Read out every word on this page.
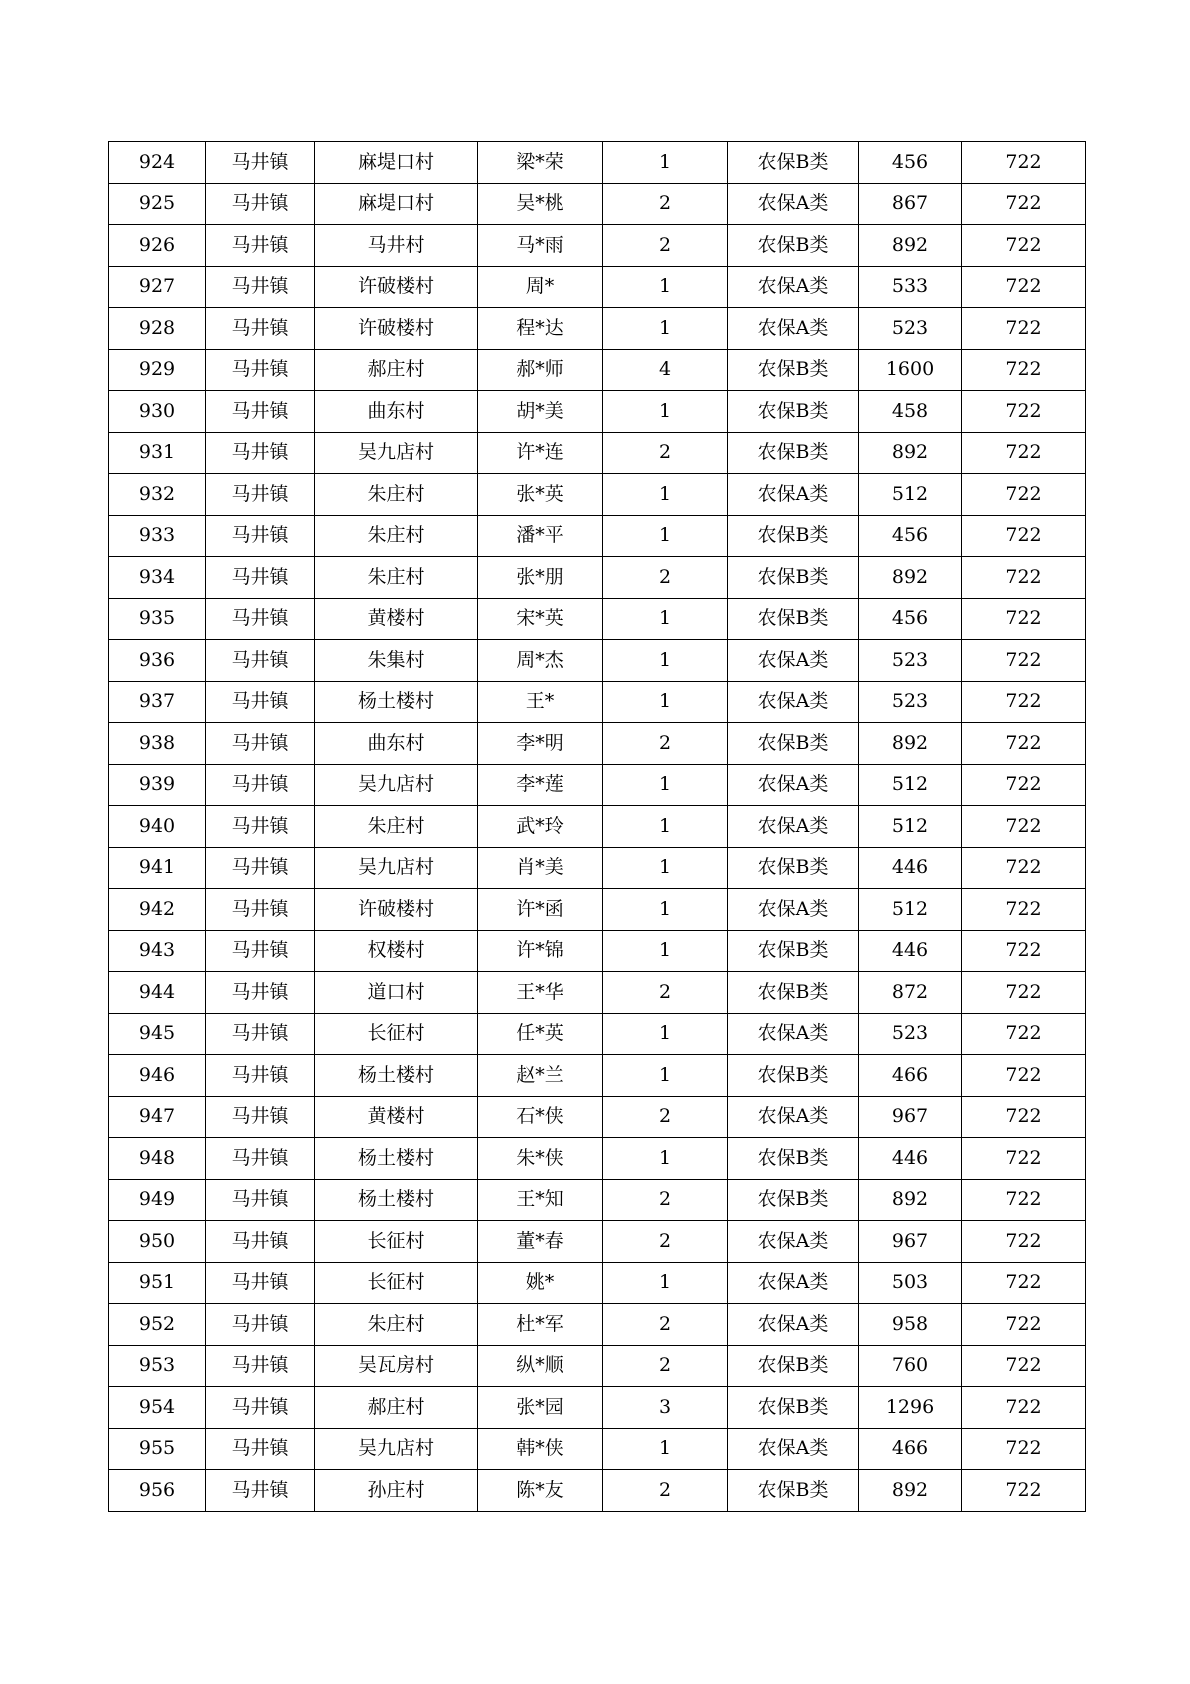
924	马井镇	麻堤口村	梁*荣	1	农保B类	456	722
925	马井镇	麻堤口村	吴*桃	2	农保A类	867	722
926	马井镇	马井村	马*雨	2	农保B类	892	722
927	马井镇	许破楼村	周*	1	农保A类	533	722
928	马井镇	许破楼村	程*达	1	农保A类	523	722
929	马井镇	郝庄村	郝*师	4	农保B类	1600	722
930	马井镇	曲东村	胡*美	1	农保B类	458	722
931	马井镇	吴九店村	许*连	2	农保B类	892	722
932	马井镇	朱庄村	张*英	1	农保A类	512	722
933	马井镇	朱庄村	潘*平	1	农保B类	456	722
934	马井镇	朱庄村	张*朋	2	农保B类	892	722
935	马井镇	黄楼村	宋*英	1	农保B类	456	722
936	马井镇	朱集村	周*杰	1	农保A类	523	722
937	马井镇	杨土楼村	王*	1	农保A类	523	722
938	马井镇	曲东村	李*明	2	农保B类	892	722
939	马井镇	吴九店村	李*莲	1	农保A类	512	722
940	马井镇	朱庄村	武*玲	1	农保A类	512	722
941	马井镇	吴九店村	肖*美	1	农保B类	446	722
942	马井镇	许破楼村	许*函	1	农保A类	512	722
943	马井镇	权楼村	许*锦	1	农保B类	446	722
944	马井镇	道口村	王*华	2	农保B类	872	722
945	马井镇	长征村	任*英	1	农保A类	523	722
946	马井镇	杨土楼村	赵*兰	1	农保B类	466	722
947	马井镇	黄楼村	石*侠	2	农保A类	967	722
948	马井镇	杨土楼村	朱*侠	1	农保B类	446	722
949	马井镇	杨土楼村	王*知	2	农保B类	892	722
950	马井镇	长征村	董*春	2	农保A类	967	722
951	马井镇	长征村	姚*	1	农保A类	503	722
952	马井镇	朱庄村	杜*军	2	农保A类	958	722
953	马井镇	吴瓦房村	纵*顺	2	农保B类	760	722
954	马井镇	郝庄村	张*园	3	农保B类	1296	722
955	马井镇	吴九店村	韩*侠	1	农保A类	466	722
956	马井镇	孙庄村	陈*友	2	农保B类	892	722
